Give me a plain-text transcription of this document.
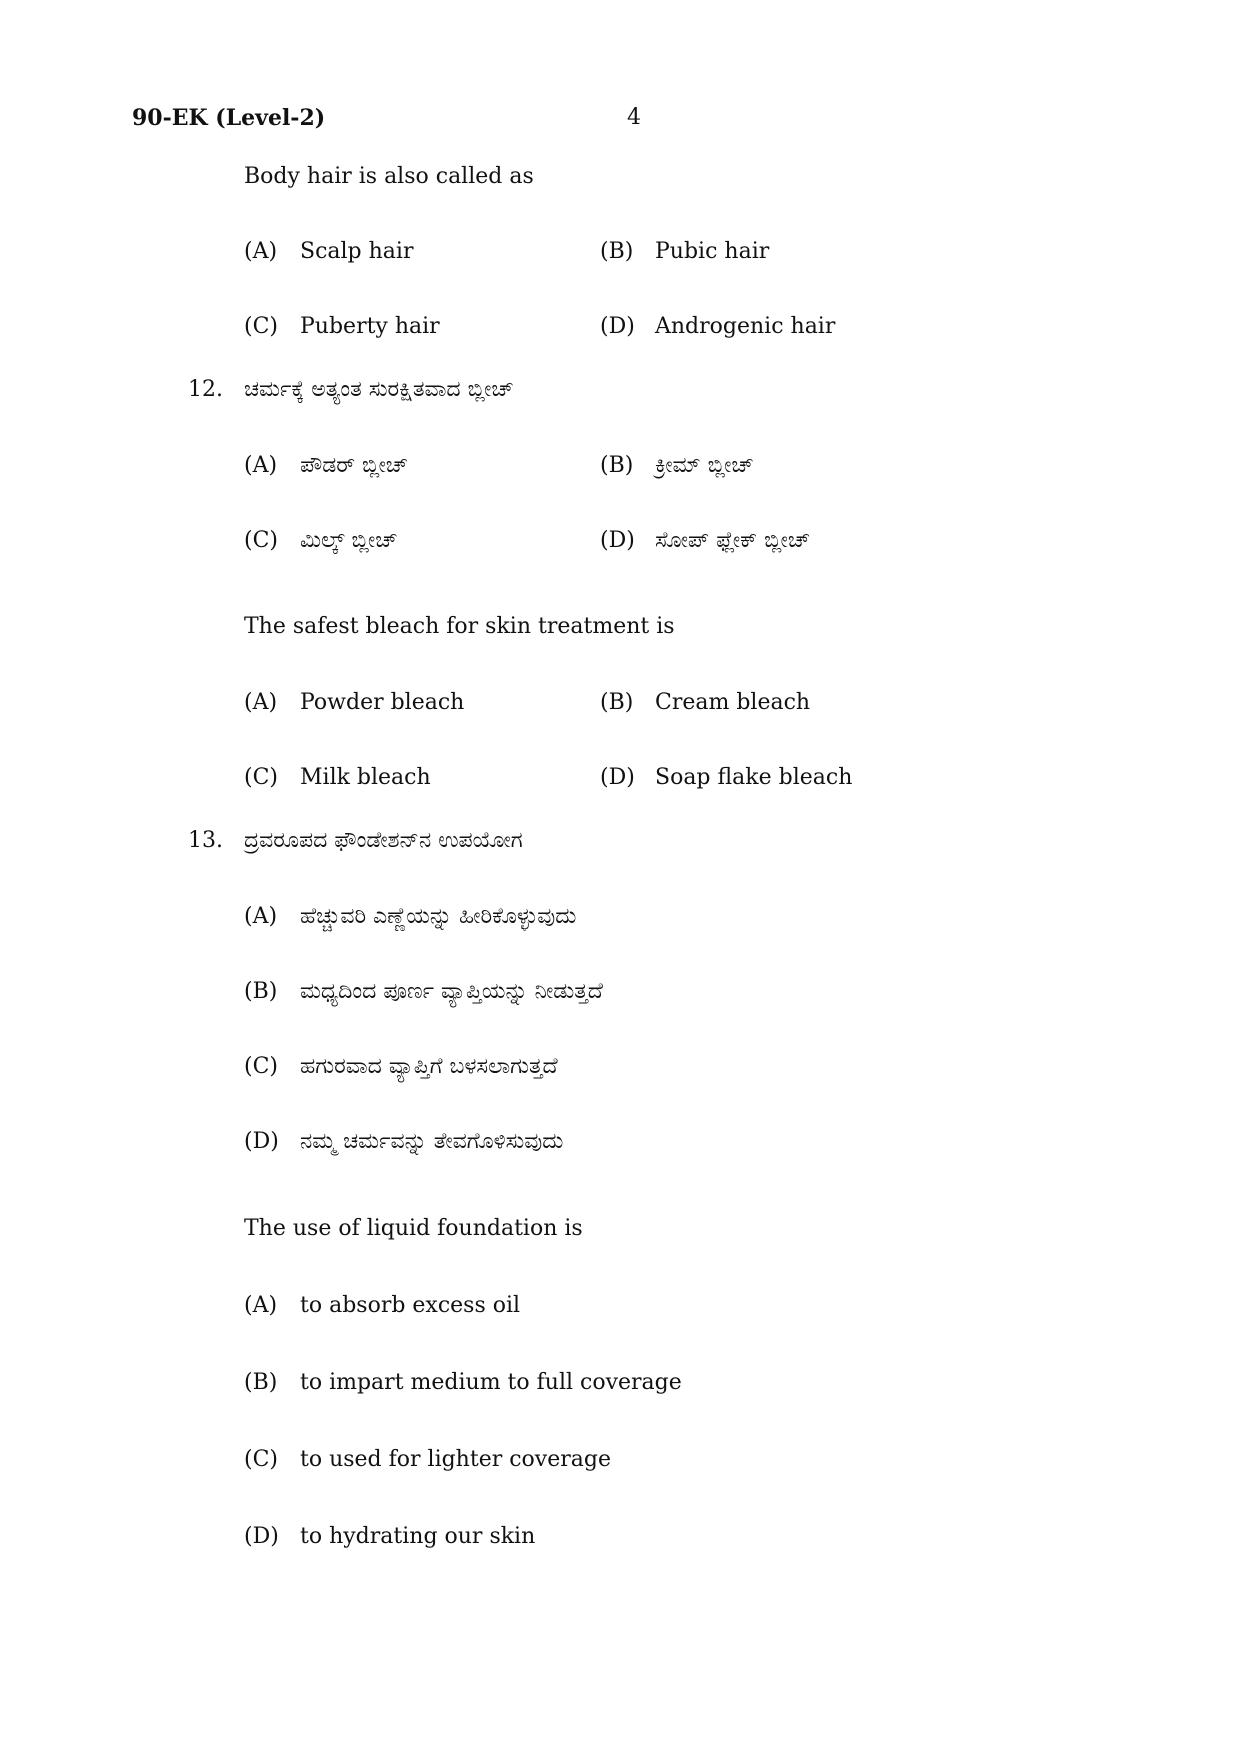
90-EK (Level-2)	4
Body hair is also called as
(A) Scalp hair	(B) Pubic hair
(C) Puberty hair	(D) Androgenic hair
12. ಚರ್ಮಕ್ಕೆ ಅತ್ಯಂತ ಸುರಕ್ಷಿತವಾದ ಬ್ಲೀಚ್
(A) ಪೌಡರ್ ಬ್ಲೀಚ್	(B) ಕ್ರೀಮ್ ಬ್ಲೀಚ್
(C) ಮಿಲ್ಕ್ ಬ್ಲೀಚ್	(D) ಸೋಪ್ ಫ್ಲೇಕ್ ಬ್ಲೀಚ್
The safest bleach for skin treatment is
(A) Powder bleach	(B) Cream bleach
(C) Milk bleach	(D) Soap flake bleach
13. ದ್ರವರೂಪದ ಫೌಂಡೇಶನ್‌ನ ಉಪಯೋಗ
(A) ಹೆಚ್ಚುವರಿ ಎಣ್ಣೆಯನ್ನು ಹೀರಿಕೊಳ್ಳುವುದು
(B) ಮಧ್ಯದಿಂದ ಪೂರ್ಣ ವ್ಯಾಪ್ತಿಯನ್ನು ನೀಡುತ್ತದೆ
(C) ಹಗುರವಾದ ವ್ಯಾಪ್ತಿಗೆ ಬಳಸಲಾಗುತ್ತದೆ
(D) ನಮ್ಮ ಚರ್ಮವನ್ನು ತೇವಗೊಳಿಸುವುದು
The use of liquid foundation is
(A) to absorb excess oil
(B) to impart medium to full coverage
(C) to used for lighter coverage
(D) to hydrating our skin
